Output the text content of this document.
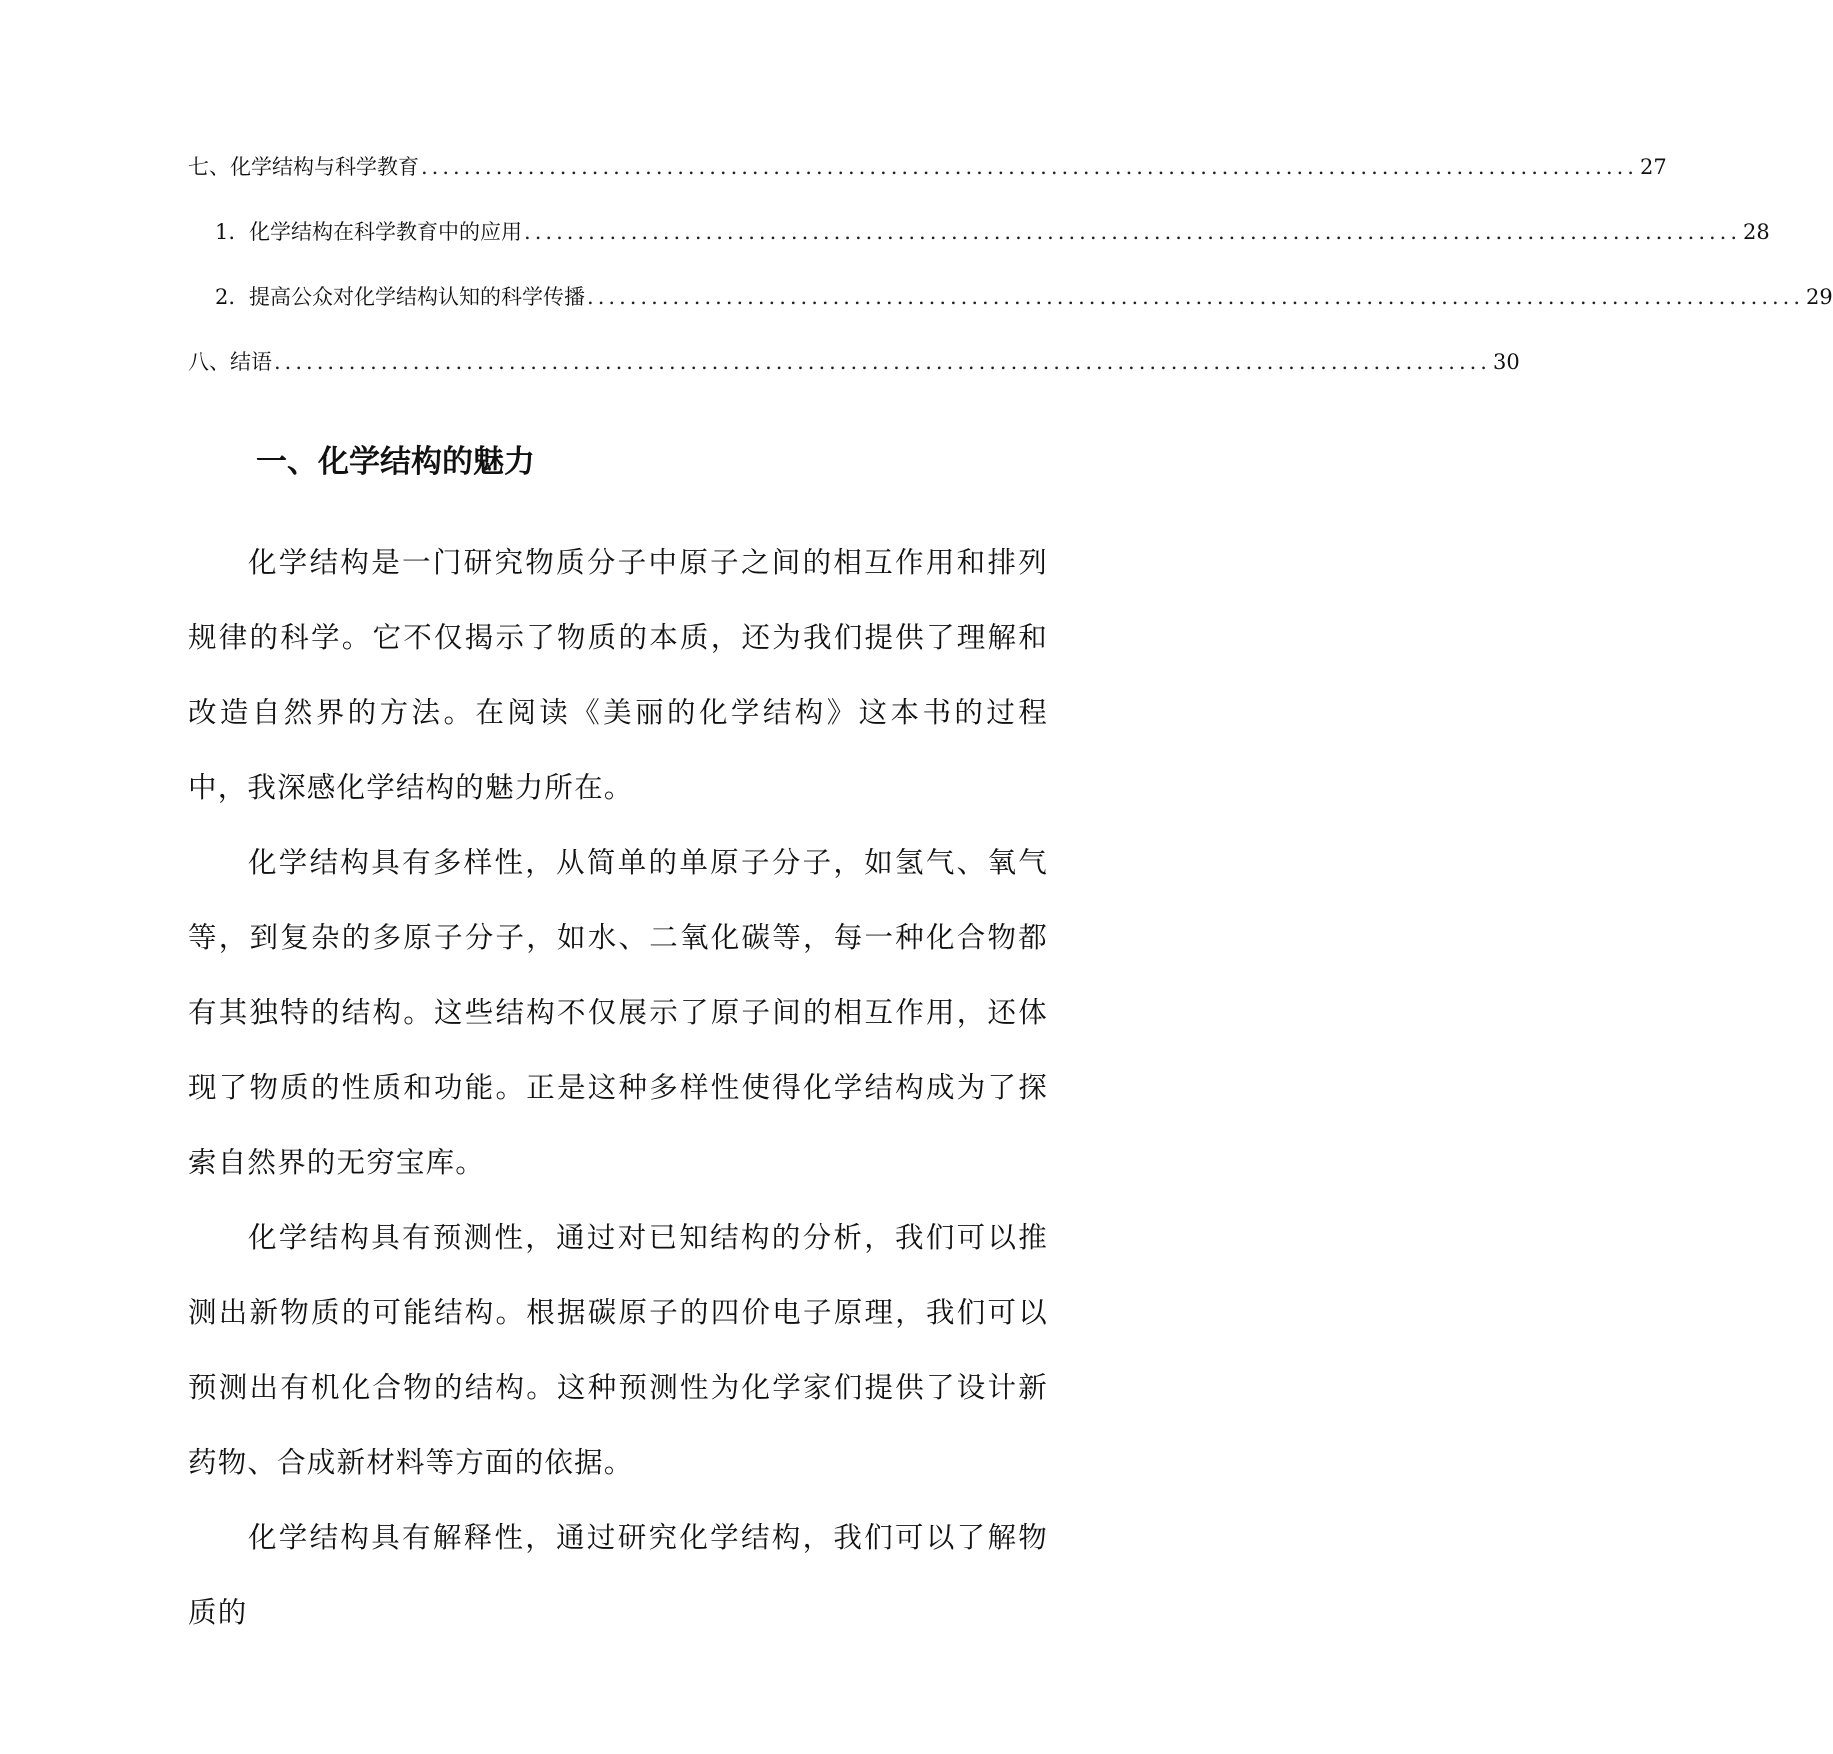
七、化学结构与科学教育 .................................................................................................................. 27
1. 化学结构在科学教育中的应用 .................................................................................................................. 28
2. 提高公众对化学结构认知的科学传播 .................................................................................................................. 29
八、结语 .................................................................................................................. 30
一、化学结构的魅力

化学结构是一门研究物质分子中原子之间的相互作用和排列规律的科学。它不仅揭示了物质的本质，还为我们提供了理解和改造自然界的方法。在阅读《美丽的化学结构》这本书的过程中，我深感化学结构的魅力所在。

化学结构具有多样性，从简单的单原子分子，如氢气、氧气等，到复杂的多原子分子，如水、二氧化碳等，每一种化合物都有其独特的结构。这些结构不仅展示了原子间的相互作用，还体现了物质的性质和功能。正是这种多样性使得化学结构成为了探索自然界的无穷宝库。

化学结构具有预测性，通过对已知结构的分析，我们可以推测出新物质的可能结构。根据碳原子的四价电子原理，我们可以预测出有机化合物的结构。这种预测性为化学家们提供了设计新药物、合成新材料等方面的依据。

化学结构具有解释性，通过研究化学结构，我们可以了解物质的
